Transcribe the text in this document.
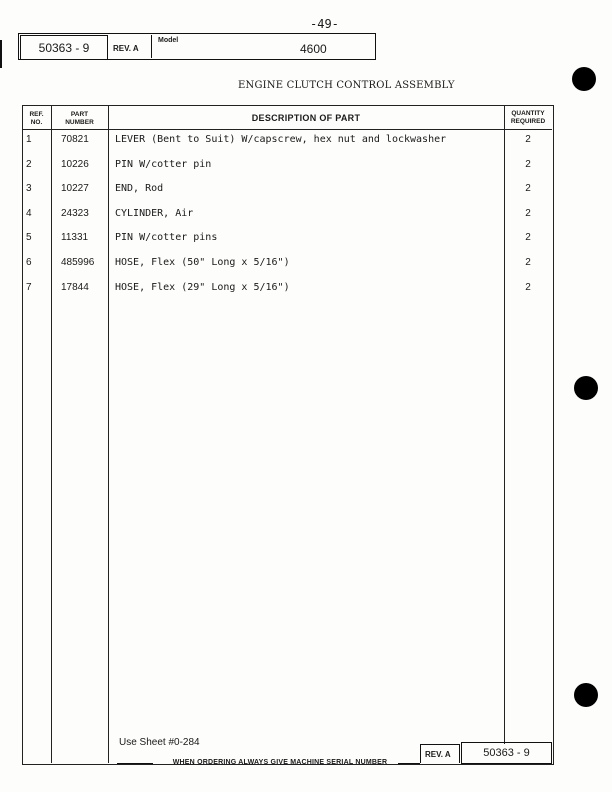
-49-
50363 - 9	REV. A
Model
4600
ENGINE CLUTCH CONTROL ASSEMBLY
REF.
NO.
PART
NUMBER	DESCRIPTION OF PART	QUANTITY
REQUIRED
1	70821	LEVER (Bent to Suit) W/capscrew, hex nut and lockwasher	2
2	10226	PIN W/cotter pin	2
3	10227	END, Rod	2
4	24323	CYLINDER, Air	2
5	11331	PIN W/cotter pins	2
6	485996 HOSE, Flex (50" Long x 5/16")	2
7	17844	HOSE, Flex (29" Long x 5/16")	2
Use Sheet #0-284
WHEN ORDERING ALWAYS GIVE MACHINE SERIAL NUMBER
REV. A	50363 - 9
